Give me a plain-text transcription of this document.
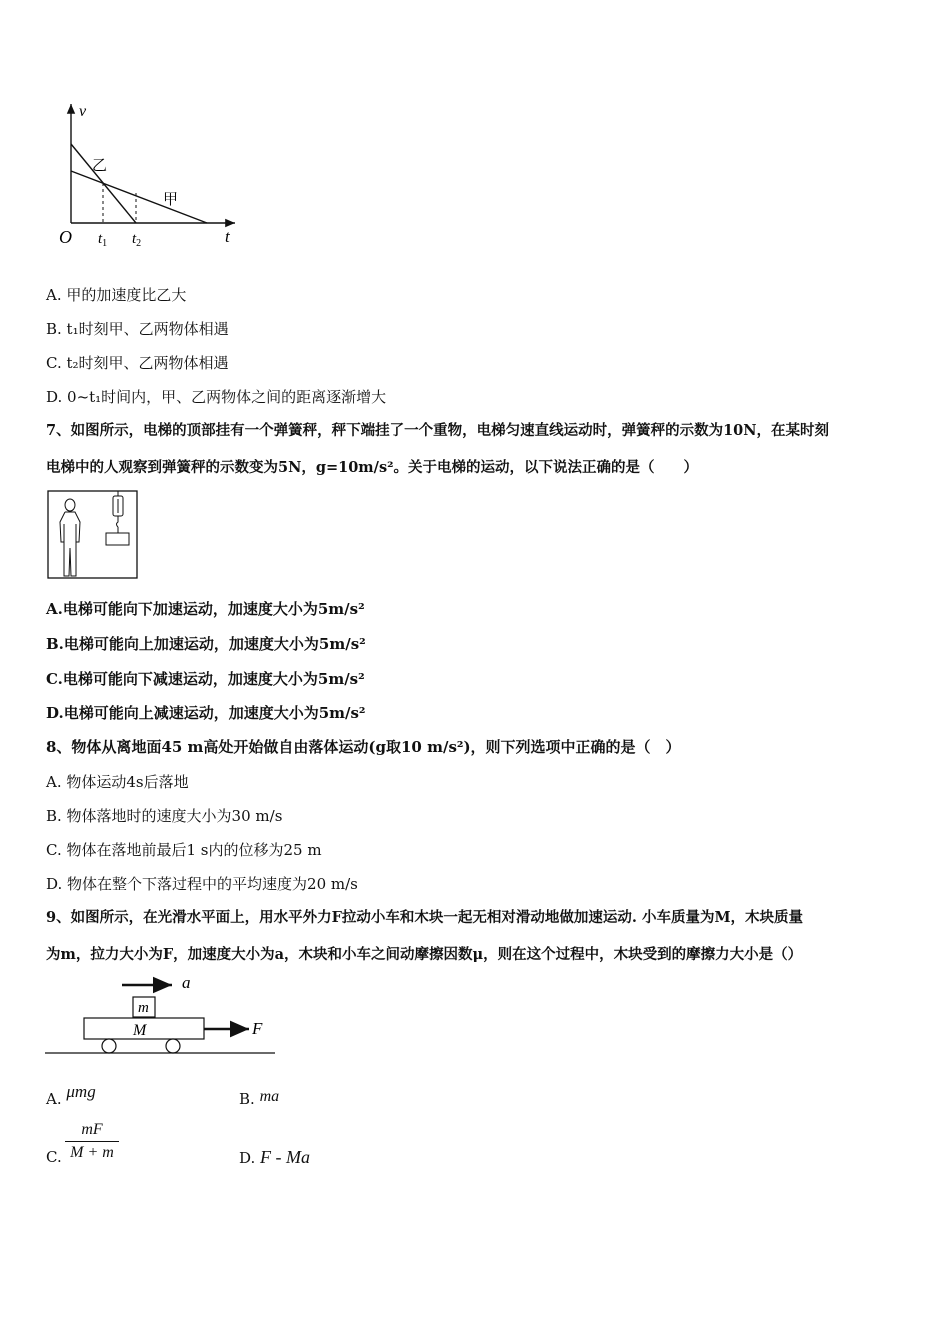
v
t
O
乙
甲
$t_1$ $t_2$
A. 甲的加速度比乙大
B. t₁时刻甲、乙两物体相遇
C. t₂时刻甲、乙两物体相遇
D. 0~t₁时间内，甲、乙两物体之间的距离逐渐增大
7、如图所示，电梯的顶部挂有一个弹簧秤，秤下端挂了一个重物，电梯匀速直线运动时，弹簧秤的示数为10N，在某时刻
电梯中的人观察到弹簧秤的示数变为5N，g=10m/s²。关于电梯的运动，以下说法正确的是（　　）
A.电梯可能向下加速运动，加速度大小为5m/s²
B.电梯可能向上加速运动，加速度大小为5m/s²
C.电梯可能向下减速运动，加速度大小为5m/s²
D.电梯可能向上减速运动，加速度大小为5m/s²
8、物体从离地面45 m高处开始做自由落体运动(g取10 m/s²)，则下列选项中正确的是（　）
A. 物体运动4s后落地
B. 物体落地时的速度大小为30 m/s
C. 物体在落地前最后1 s内的位移为25 m
D. 物体在整个下落过程中的平均速度为20 m/s
9、如图所示，在光滑水平面上，用水平外力F拉动小车和木块一起无相对滑动地做加速运动. 小车质量为M，木块质量
为m，拉力大小为F，加速度大小为a，木块和小车之间动摩擦因数μ，则在这个过程中，木块受到的摩擦力大小是（）
a
m
M	F
A. μmg	B. ma
C.
mF
M + m	D. F - Ma
